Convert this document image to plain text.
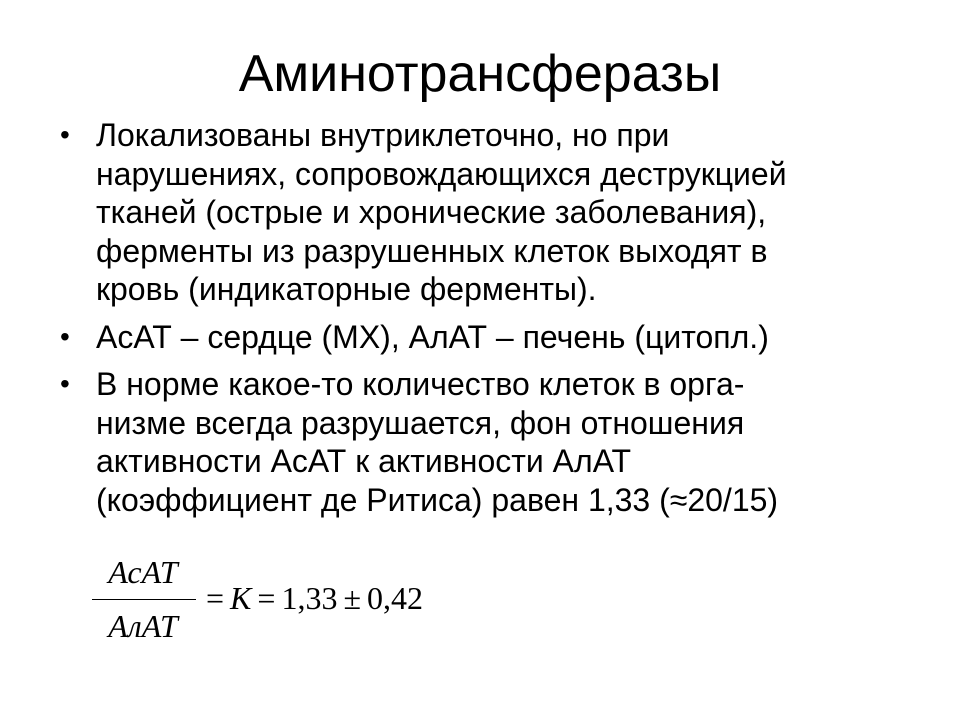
Аминотрансферазы
• Локализованы внутриклеточно, но при
нарушениях, сопровождающихся деструкцией
тканей (острые и хронические заболевания),
ферменты из разрушенных клеток выходят в
кровь (индикаторные ферменты).
• АсАТ – сердце (МХ), АлАТ – печень (цитопл.)
• В норме какое-то количество клеток в орга-
низме всегда разрушается, фон отношения
активности АсАТ к активности АлАТ
(коэффициент де Ритиса) равен 1,33 (≈20/15)
АсАТ
АлАТ
= K = 1,33 ± 0,42
